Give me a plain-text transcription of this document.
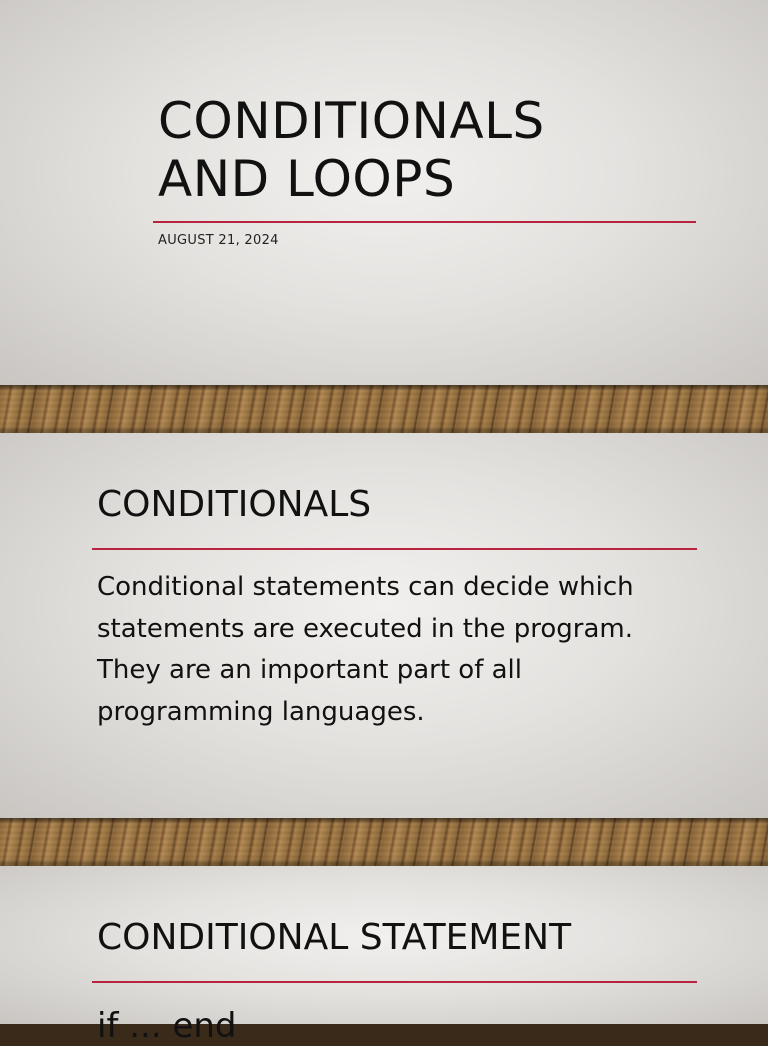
CONDITIONALS
AND LOOPS
AUGUST 21, 2024
CONDITIONALS

Conditional statements can decide which statements are executed in the program. They are an important part of all programming languages.

CONDITIONAL STATEMENT
if ... end
